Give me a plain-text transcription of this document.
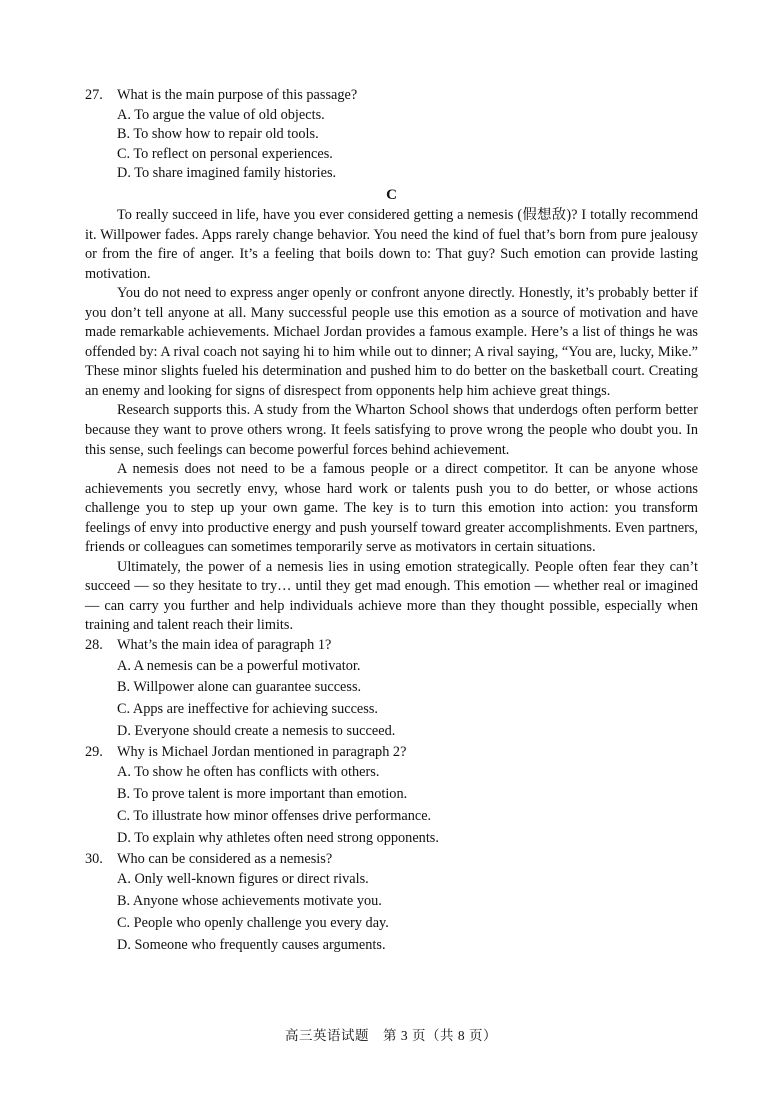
27. What is the main purpose of this passage?
A. To argue the value of old objects.
B. To show how to repair old tools.
C. To reflect on personal experiences.
D. To share imagined family histories.
C

To really succeed in life, have you ever considered getting a nemesis (假想敌)? I totally recommend it. Willpower fades. Apps rarely change behavior. You need the kind of fuel that’s born from pure jealousy or from the fire of anger. It’s a feeling that boils down to: That guy? Such emotion can provide lasting motivation.

You do not need to express anger openly or confront anyone directly. Honestly, it’s probably better if you don’t tell anyone at all. Many successful people use this emotion as a source of motivation and have made remarkable achievements. Michael Jordan provides a famous example. Here’s a list of things he was offended by: A rival coach not saying hi to him while out to dinner; A rival saying, “You are, lucky, Mike.” These minor slights fueled his determination and pushed him to do better on the basketball court. Creating an enemy and looking for signs of disrespect from opponents help him achieve great things.

Research supports this. A study from the Wharton School shows that underdogs often perform better because they want to prove others wrong. It feels satisfying to prove wrong the people who doubt you. In this sense, such feelings can become powerful forces behind achievement.

A nemesis does not need to be a famous people or a direct competitor. It can be anyone whose achievements you secretly envy, whose hard work or talents push you to do better, or whose actions challenge you to step up your own game. The key is to turn this emotion into action: you transform feelings of envy into productive energy and push yourself toward greater accomplishments. Even partners, friends or colleagues can sometimes temporarily serve as motivators in certain situations.

Ultimately, the power of a nemesis lies in using emotion strategically. People often fear they can’t succeed — so they hesitate to try… until they get mad enough. This emotion — whether real or imagined — can carry you further and help individuals achieve more than they thought possible, especially when training and talent reach their limits.

28. What’s the main idea of paragraph 1?
A. A nemesis can be a powerful motivator.
B. Willpower alone can guarantee success.
C. Apps are ineffective for achieving success.
D. Everyone should create a nemesis to succeed.
29. Why is Michael Jordan mentioned in paragraph 2?
A. To show he often has conflicts with others.
B. To prove talent is more important than emotion.
C. To illustrate how minor offenses drive performance.
D. To explain why athletes often need strong opponents.
30. Who can be considered as a nemesis?
A. Only well-known figures or direct rivals.
B. Anyone whose achievements motivate you.
C. People who openly challenge you every day.
D. Someone who frequently causes arguments.
高三英语试题　第 3 页（共 8 页）
